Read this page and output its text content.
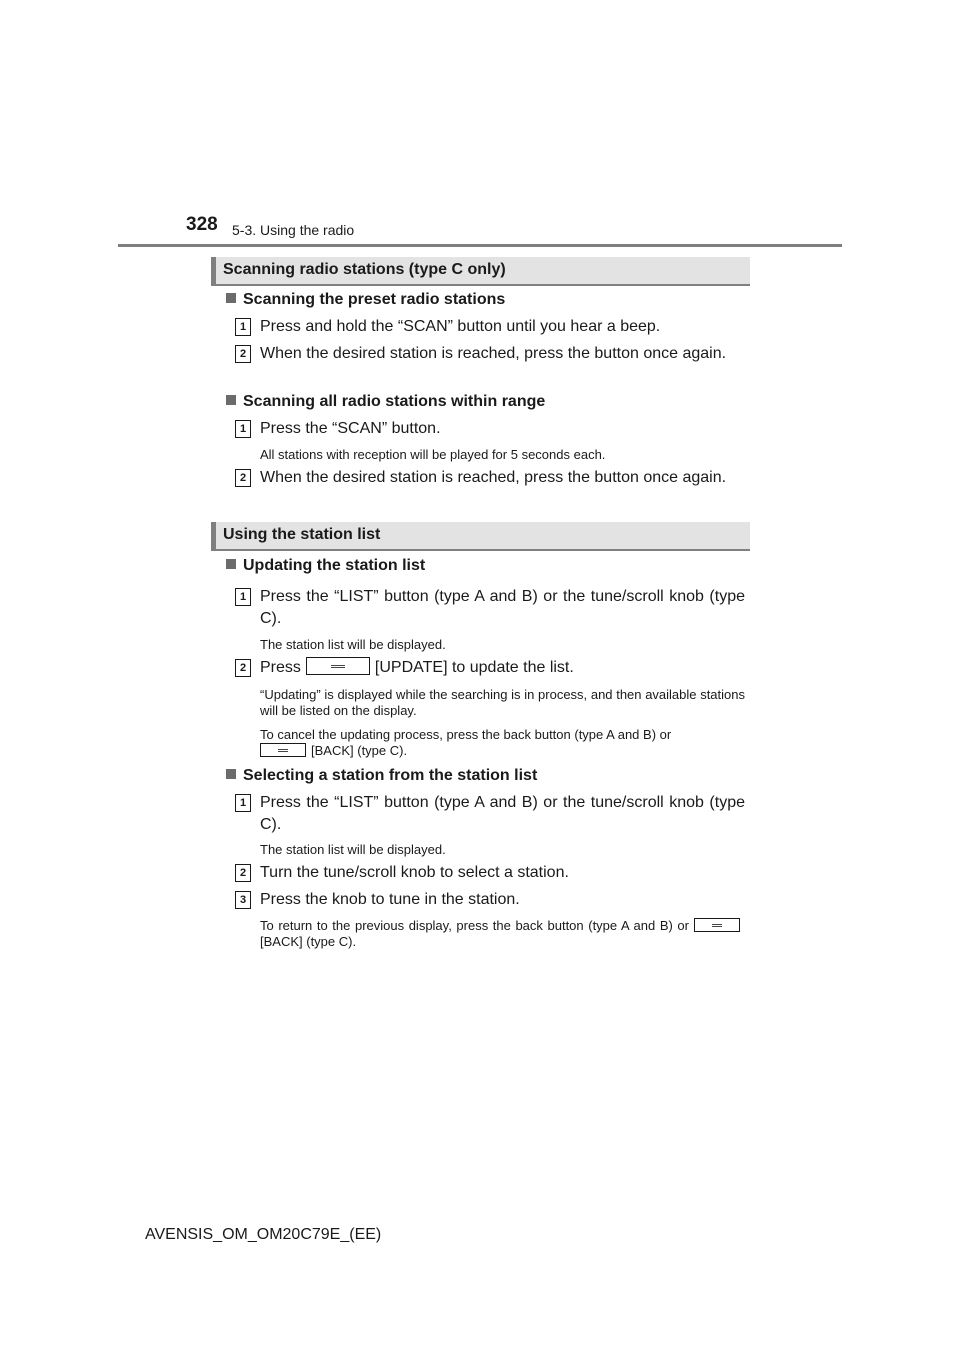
328 5-3. Using the radio
Scanning radio stations (type C only)
Scanning the preset radio stations
1 Press and hold the “SCAN” button until you hear a beep.
2 When the desired station is reached, press the button once again.
Scanning all radio stations within range
1 Press the “SCAN” button.
All stations with reception will be played for 5 seconds each.
2 When the desired station is reached, press the button once again.
Using the station list
Updating the station list
1 Press the “LIST” button (type A and B) or the tune/scroll knob (type C).
The station list will be displayed.
2 Press	[UPDATE] to update the list.
“Updating” is displayed while the searching is in process, and then available stations will be listed on the display.
To cancel the updating process, press the back button (type A and B) or
[BACK] (type C).
Selecting a station from the station list
1 Press the “LIST” button (type A and B) or the tune/scroll knob (type C).
The station list will be displayed.
2 Turn the tune/scroll knob to select a station.
3 Press the knob to tune in the station.
To return to the previous display, press the back button (type A and B) or[BACK] (type C).
AVENSIS_OM_OM20C79E_(EE)
